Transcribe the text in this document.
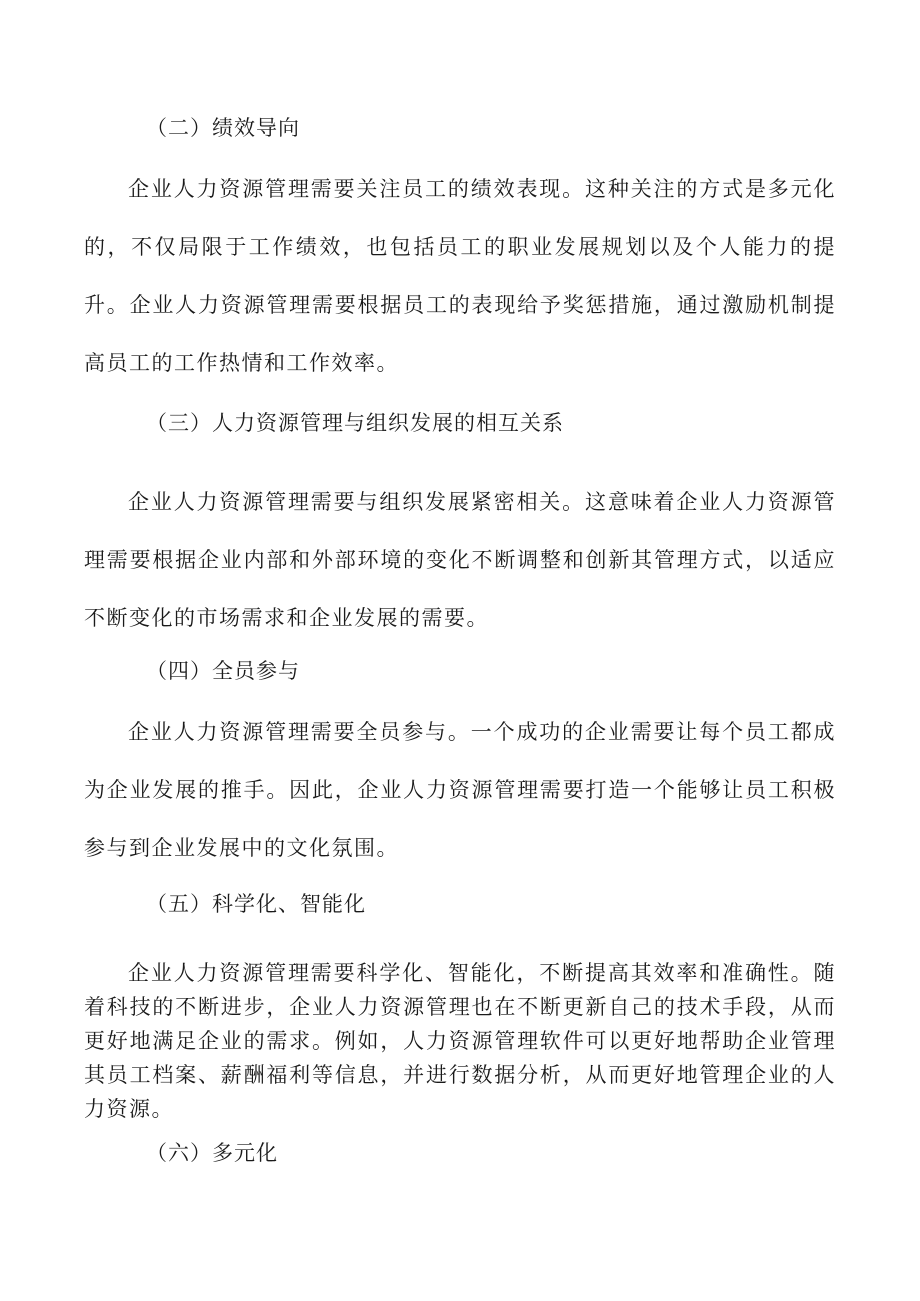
（二）绩效导向

企业人力资源管理需要关注员工的绩效表现。这种关注的方式是多元化的，不仅局限于工作绩效，也包括员工的职业发展规划以及个人能力的提升。企业人力资源管理需要根据员工的表现给予奖惩措施，通过激励机制提高员工的工作热情和工作效率。

（三）人力资源管理与组织发展的相互关系

企业人力资源管理需要与组织发展紧密相关。这意味着企业人力资源管理需要根据企业内部和外部环境的变化不断调整和创新其管理方式，以适应不断变化的市场需求和企业发展的需要。

（四）全员参与

企业人力资源管理需要全员参与。一个成功的企业需要让每个员工都成为企业发展的推手。因此，企业人力资源管理需要打造一个能够让员工积极参与到企业发展中的文化氛围。

（五）科学化、智能化

企业人力资源管理需要科学化、智能化，不断提高其效率和准确性。随着科技的不断进步，企业人力资源管理也在不断更新自己的技术手段，从而更好地满足企业的需求。例如，人力资源管理软件可以更好地帮助企业管理其员工档案、薪酬福利等信息，并进行数据分析，从而更好地管理企业的人力资源。

（六）多元化
